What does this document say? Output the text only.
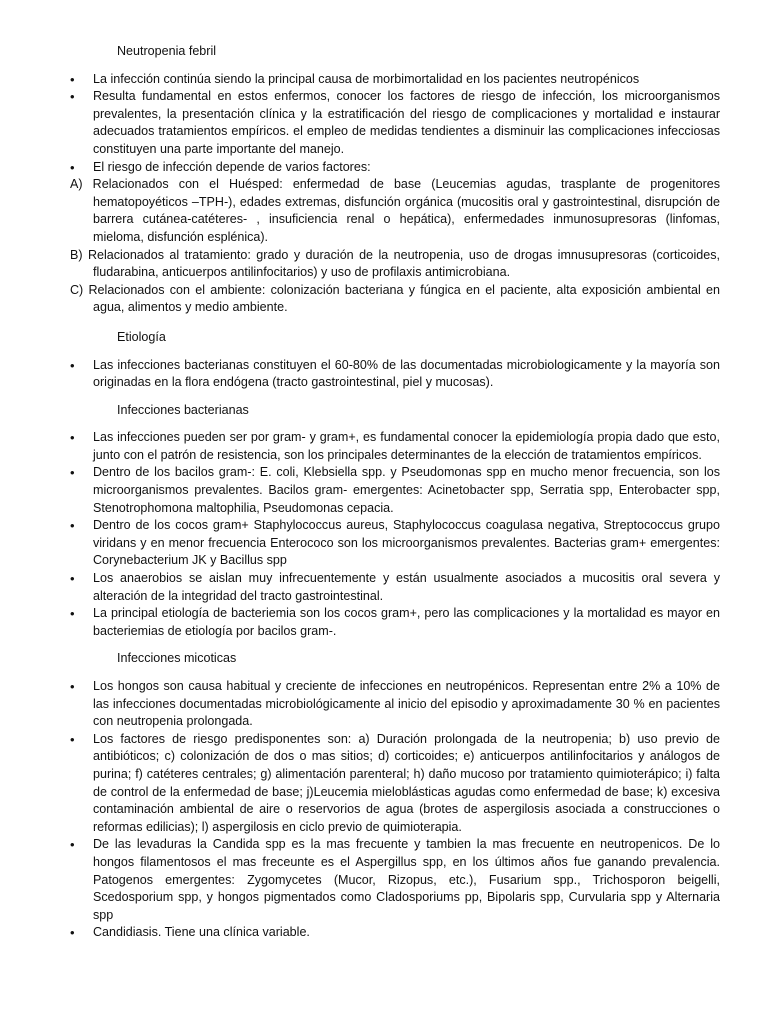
Neutropenia febril

• La infección continúa siendo la principal causa de morbimortalidad en los pacientes neutropénicos
• Resulta fundamental en estos enfermos, conocer los factores de riesgo de infección, los microorganismos prevalentes, la presentación clínica y la estratificación del riesgo de complicaciones y mortalidad e instaurar adecuados tratamientos empíricos. el empleo de medidas tendientes a disminuir las complicaciones infecciosas constituyen una parte importante del manejo.
• El riesgo de infección depende de varios factores:

A) Relacionados con el Huésped: enfermedad de base (Leucemias agudas, trasplante de progenitores hematopoyéticos –TPH-), edades extremas, disfunción orgánica (mucositis oral y gastrointestinal, disrupción de barrera cutánea-catéteres- , insuficiencia renal o hepática), enfermedades inmunosupresoras (linfomas, mieloma, disfunción esplénica).

B) Relacionados al tratamiento: grado y duración de la neutropenia, uso de drogas imnusupresoras (corticoides, fludarabina, anticuerpos antilinfocitarios) y uso de profilaxis antimicrobiana.

C) Relacionados con el ambiente: colonización bacteriana y fúngica en el paciente, alta exposición ambiental en agua, alimentos y medio ambiente.

Etiología

• Las infecciones bacterianas constituyen el 60-80% de las documentadas microbiologicamente y la mayoría son originadas en la flora endógena (tracto gastrointestinal, piel y mucosas).

Infecciones bacterianas

• Las infecciones pueden ser por gram- y gram+, es fundamental conocer la epidemiología propia dado que esto, junto con el patrón de resistencia, son los principales determinantes de la elección de tratamientos empíricos.
• Dentro de los bacilos gram-: E. coli, Klebsiella spp. y Pseudomonas spp en mucho menor frecuencia, son los microorganismos prevalentes. Bacilos gram- emergentes: Acinetobacter spp, Serratia spp, Enterobacter spp, Stenotrophomona maltophilia, Pseudomonas cepacia.
• Dentro de los cocos gram+ Staphylococcus aureus, Staphylococcus coagulasa negativa, Streptococcus grupo viridans y en menor frecuencia Enterococo son los microorganismos prevalentes. Bacterias gram+ emergentes: Corynebacterium JK y Bacillus spp
• Los anaerobios se aislan muy infrecuentemente y están usualmente asociados a mucositis oral severa y alteración de la integridad del tracto gastrointestinal.
• La principal etiología de bacteriemia son los cocos gram+, pero las complicaciones y la mortalidad es mayor en bacteriemias de etiología por bacilos gram-.

Infecciones micoticas

• Los hongos son causa habitual y creciente de infecciones en neutropénicos. Representan entre 2% a 10% de las infecciones documentadas microbiológicamente al inicio del episodio y aproximadamente 30 % en pacientes con neutropenia prolongada.
• Los factores de riesgo predisponentes son: a) Duración prolongada de la neutropenia; b) uso previo de antibióticos; c) colonización de dos o mas sitios; d) corticoides; e) anticuerpos antilinfocitarios y análogos de purina; f) catéteres centrales; g) alimentación parenteral; h) daño mucoso por tratamiento quimioterápico; i) falta de control de la enfermedad de base; j)Leucemia mieloblásticas agudas como enfermedad de base; k) excesiva contaminación ambiental de aire o reservorios de agua (brotes de aspergilosis asociada a construcciones o reformas edilicias); l) aspergilosis en ciclo previo de quimioterapia.
• De las levaduras la Candida spp es la mas frecuente y tambien la mas frecuente en neutropenicos. De lo hongos filamentosos el mas freceunte es el Aspergillus spp, en los últimos años fue ganando prevalencia. Patogenos emergentes: Zygomycetes (Mucor, Rizopus, etc.), Fusarium spp., Trichosporon beigelli, Scedosporium spp, y hongos pigmentados como Cladosporiums pp, Bipolaris spp, Curvularia spp y Alternaria spp
• Candidiasis. Tiene una clínica variable.
